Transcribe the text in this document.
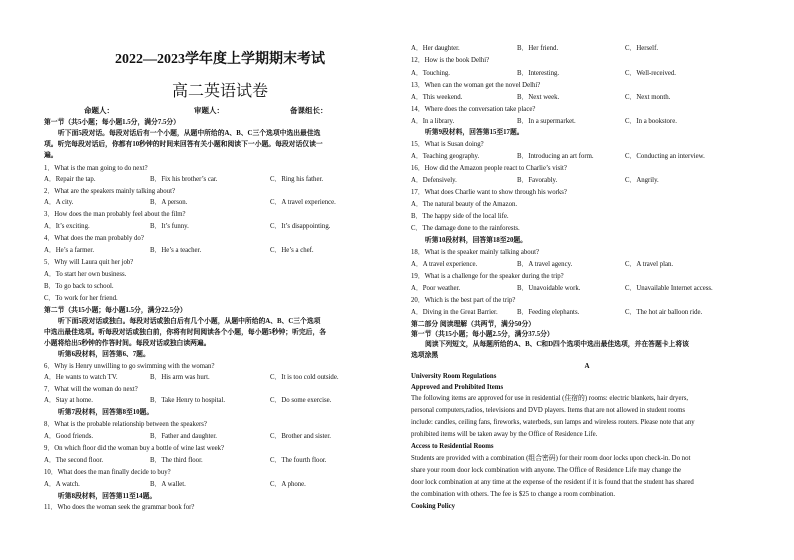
2022—2023学年度上学期期末考试
高二英语试卷
命题人：	审题人：	备课组长：
第一节（共5小题；每小题1.5分，满分7.5分）
听下面5段对话。每段对话后有一个小题，从题中所给的A、B、C三个选项中选出最佳选
项。听完每段对话后，你都有10秒钟的时间来回答有关小题和阅读下一小题。每段对话仅读一
遍。
1．What is the man going to do next?
A．Repair the tap.	B．Fix his brother’s car.	C．Ring his father.
2．What are the speakers mainly talking about?
A．A city.	B．A person.	C．A travel experience.
3．How does the man probably feel about the film?
A．It’s exciting.	B．It’s funny.	C．It’s disappointing.
4．What does the man probably do?
A．He’s a farmer.	B．He’s a teacher.	C．He’s a chef.
5．Why will Laura quit her job?
A．To start her own business.
B．To go back to school.
C．To work for her friend.
第二节（共15小题；每小题1.5分，满分22.5分）
听下面5段对话或独白。每段对话或独白后有几个小题，从题中所给的A、B、C三个选项
中选出最佳选项。听每段对话或独白前，你将有时间阅读各个小题，每小题5秒钟；听完后，各
小题将给出5秒钟的作答时间。每段对话或独白读两遍。
听第6段材料，回答第6、7题。
6．Why is Henry unwilling to go swimming with the woman?
A．He wants to watch TV.	B．His arm was hurt.	C．It is too cold outside.
7．What will the woman do next?
A．Stay at home.	B．Take Henry to hospital.	C．Do some exercise.
听第7段材料，回答第8至10题。
8．What is the probable relationship between the speakers?
A．Good friends.	B．Father and daughter.	C．Brother and sister.
9．On which floor did the woman buy a bottle of wine last week?
A．The second floor.	B．The third floor.	C．The fourth floor.
10．What does the man finally decide to buy?
A．A watch.	B．A wallet.	C．A phone.
听第8段材料，回答第11至14题。
11．Who does the woman seek the grammar book for?
A．Her daughter.	B．Her friend.	C．Herself.
12．How is the book Delhi?
A．Touching.	B．Interesting.	C．Well-received.
13．When can the woman get the novel Delhi?
A．This weekend.	B．Next week.	C．Next month.
14．Where does the conversation take place?
A．In a library.	B．In a supermarket.	C．In a bookstore.
听第9段材料，回答第15至17题。
15．What is Susan doing?
A．Teaching geography.	B．Introducing an art form.	C．Conducting an interview.
16．How did the Amazon people react to Charlie’s visit?
A．Defensively.	B．Favorably.	C．Angrily.
17．What does Charlie want to show through his works?
A．The natural beauty of the Amazon.
B．The happy side of the local life.
C．The damage done to the rainforests.
听第10段材料，回答第18至20题。
18．What is the speaker mainly talking about?
A．A travel experience.	B．A travel agency.	C．A travel plan.
19．What is a challenge for the speaker during the trip?
A．Poor weather.	B．Unavoidable work.	C．Unavailable Internet access.
20．Which is the best part of the trip?
A．Diving in the Great Barrier.	B．Feeding elephants.	C．The hot air balloon ride.
第二部分 阅读理解（共两节，满分50分）
第一节（共15小题；每小题2.5分，满分37.5分）
阅读下列短文，从每题所给的A、B、C和D四个选项中选出最佳选项，并在答题卡上将该
选项涂黑
A
University Room Regulations
Approved and Prohibited Items
The following items are approved for use in residential (住宿的) rooms: electric blankets, hair dryers,
personal computers,radios, televisions and DVD players. Items that are not allowed in student rooms
include: candles, ceiling fans, fireworks, waterbeds, sun lamps and wireless routers. Please note that any
prohibited items will be taken away by the Office of Residence Life.
Access to Residential Rooms
Students are provided with a combination (组合密码) for their room door locks upon check-in. Do not
share your room door lock combination with anyone. The Office of Residence Life may change the
door lock combination at any time at the expense of the resident if it is found that the student has shared
the combination with others. The fee is $25 to change a room combination.
Cooking Policy
